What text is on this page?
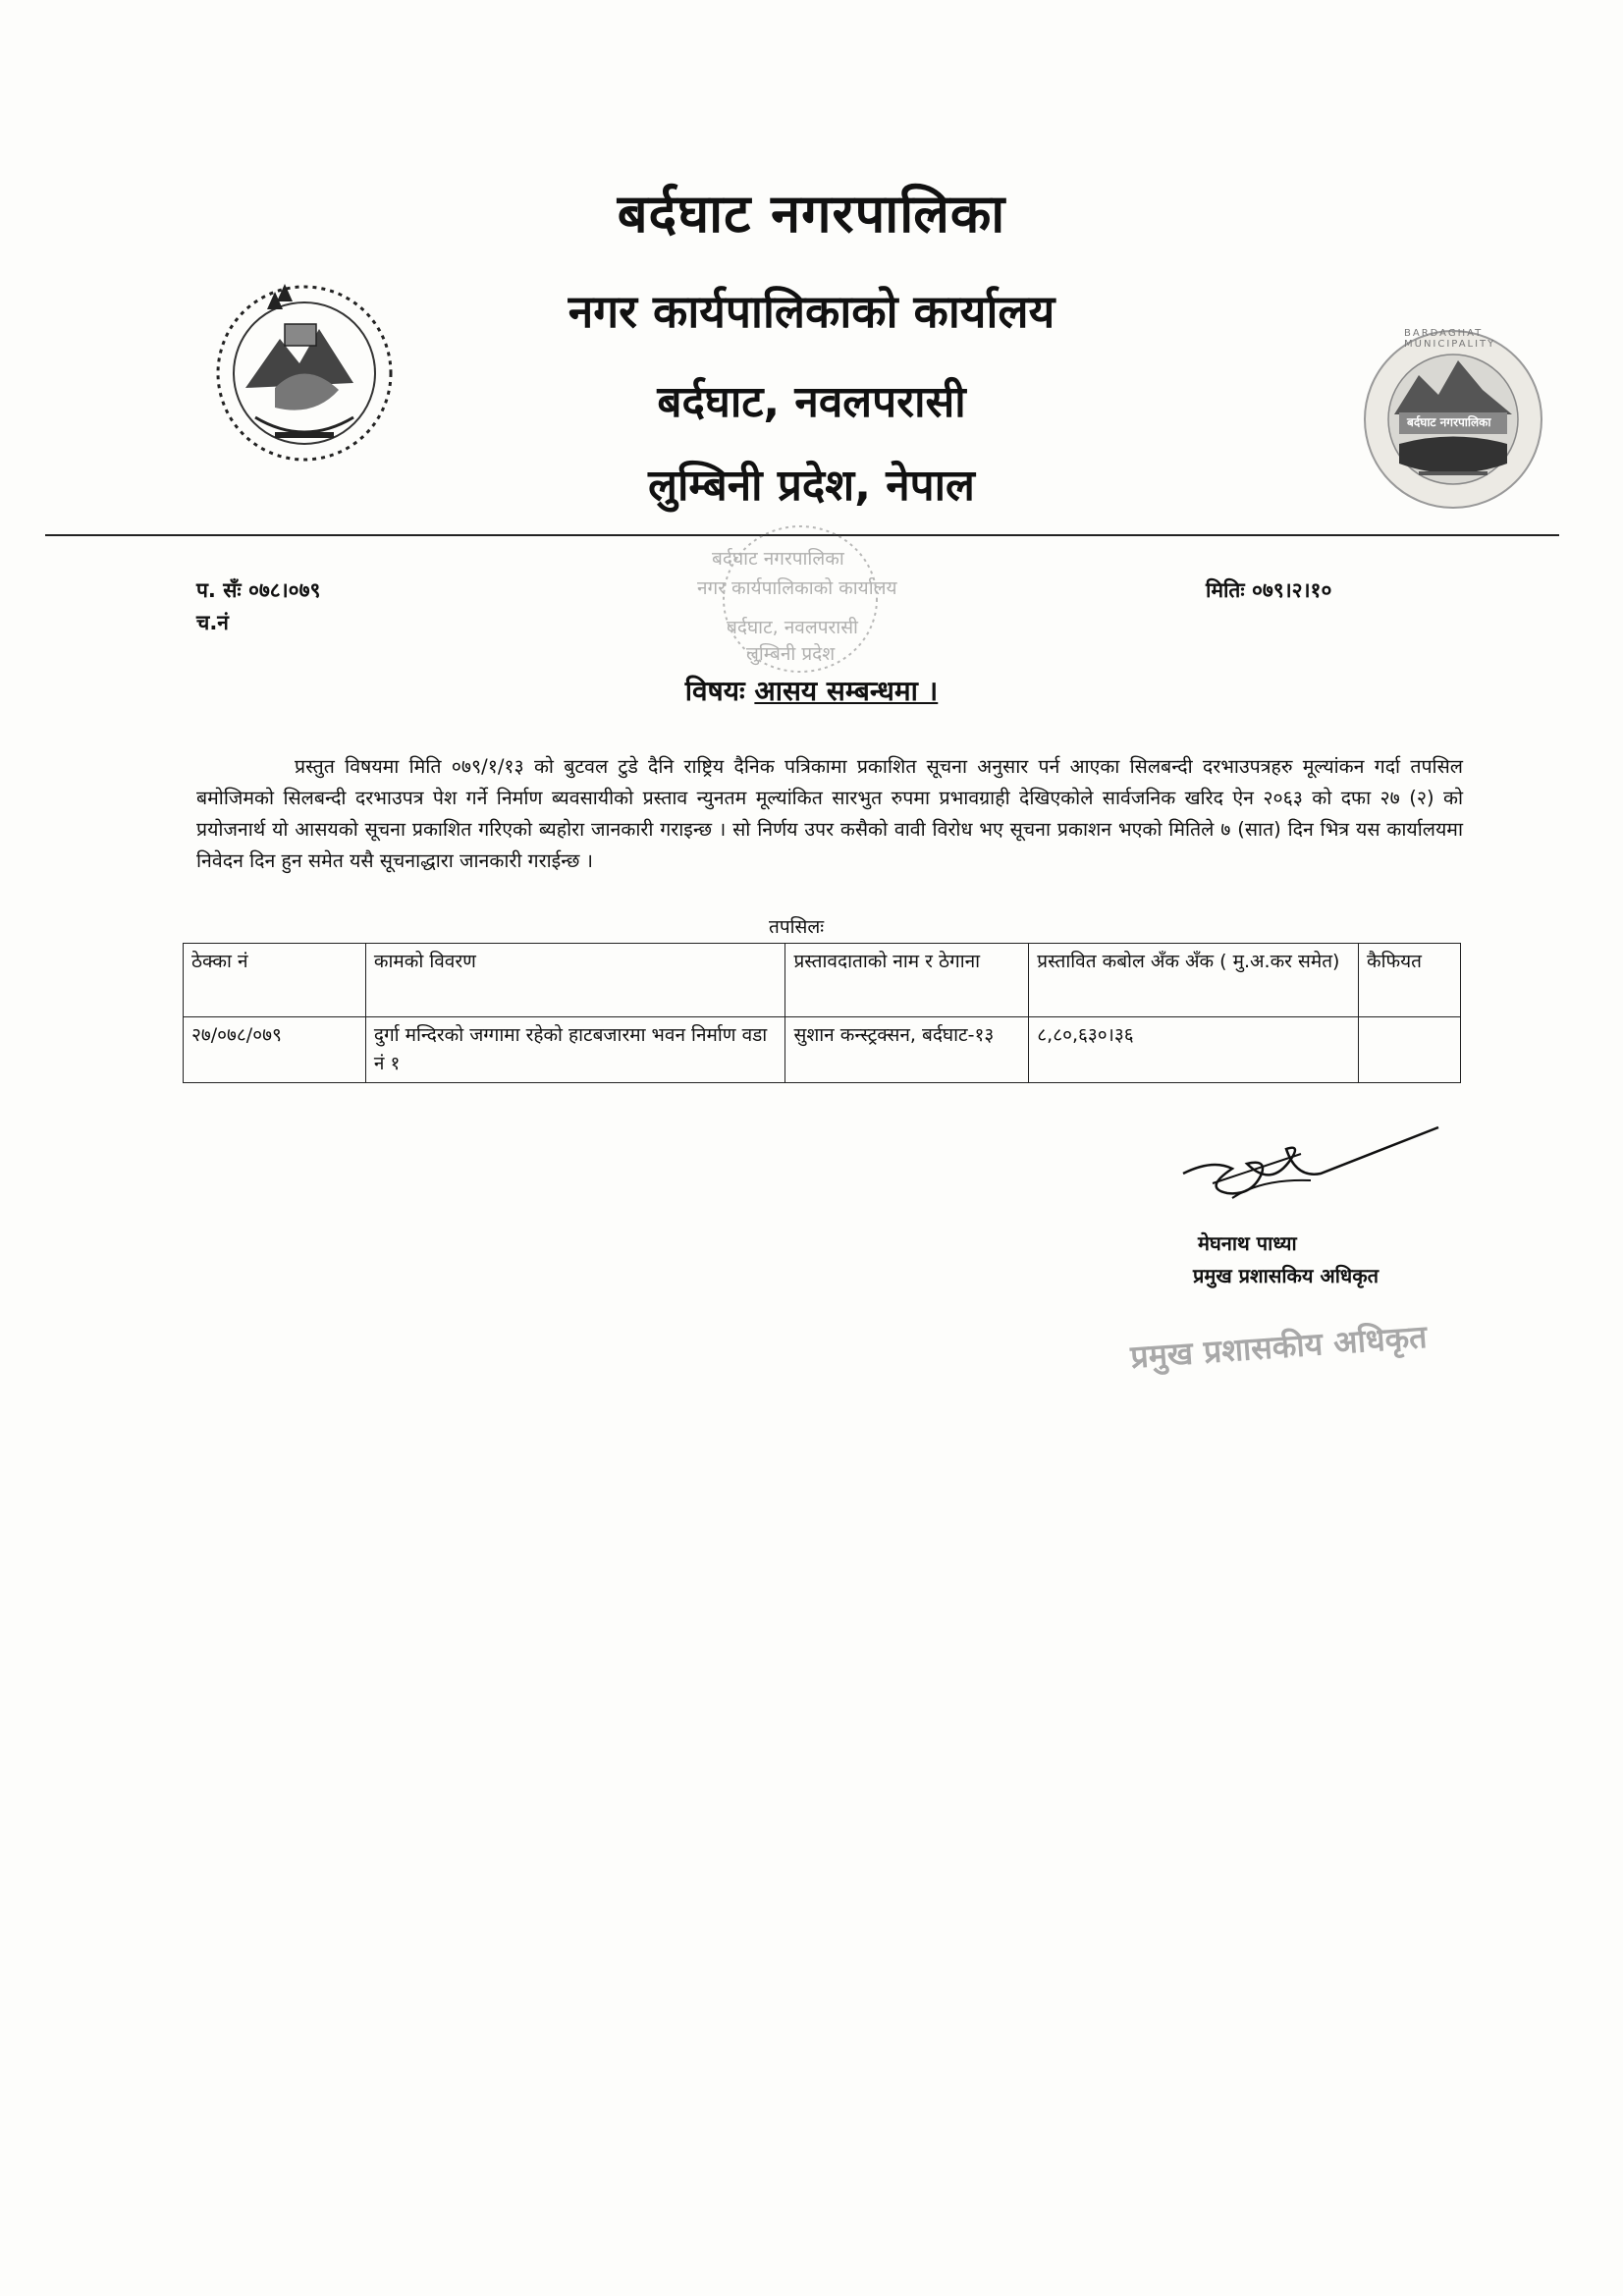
BARDAGHAT MUNICIPALITY
बर्दघाट नगरपालिका
बर्दघाट नगरपालिका
नगर कार्यपालिकाको कार्यालय
बर्दघाट, नवलपरासी
लुम्बिनी प्रदेश, नेपाल
बर्दघाट नगरपालिका
नगर कार्यपालिकाको कार्यालय
बर्दघाट, नवलपरासी
लुम्बिनी प्रदेश
प. सँः ०७८।०७९
च.नं
मितिः ०७९।२।१०
विषयः आसय सम्बन्धमा ।
प्रस्तुत विषयमा मिति ०७९/१/१३ को बुटवल टुडे दैनि राष्ट्रिय दैनिक पत्रिकामा प्रकाशित सूचना अनुसार पर्न आएका सिलबन्दी दरभाउपत्रहरु मूल्यांकन गर्दा तपसिल बमोजिमको सिलबन्दी दरभाउपत्र पेश गर्ने निर्माण ब्यवसायीको प्रस्ताव न्युनतम मूल्यांकित सारभुत रुपमा प्रभावग्राही देखिएकोले सार्वजनिक खरिद ऐन २०६३ को दफा २७ (२) को प्रयोजनार्थ यो आसयको सूचना प्रकाशित गरिएको ब्यहोरा जानकारी गराइन्छ । सो निर्णय उपर कसैको वावी विरोध भए सूचना प्रकाशन भएको मितिले ७ (सात) दिन भित्र यस कार्यालयमा निवेदन दिन हुन समेत यसै सूचनाद्धारा जानकारी गराईन्छ ।
तपसिलः
ठेक्का नं	कामको विवरण	प्रस्तावदाताको नाम र ठेगाना	प्रस्तावित कबोल अँक अँक ( मु.अ.कर समेत)	कैफियत
२७/०७८/०७९	दुर्गा मन्दिरको जग्गामा रहेको हाटबजारमा भवन निर्माण वडा नं १	सुशान कन्स्ट्रक्सन, बर्दघाट-१३	८,८०,६३०।३६	
मेघनाथ पाध्या
प्रमुख प्रशासकिय अधिकृत
प्रमुख प्रशासकीय अधिकृत
